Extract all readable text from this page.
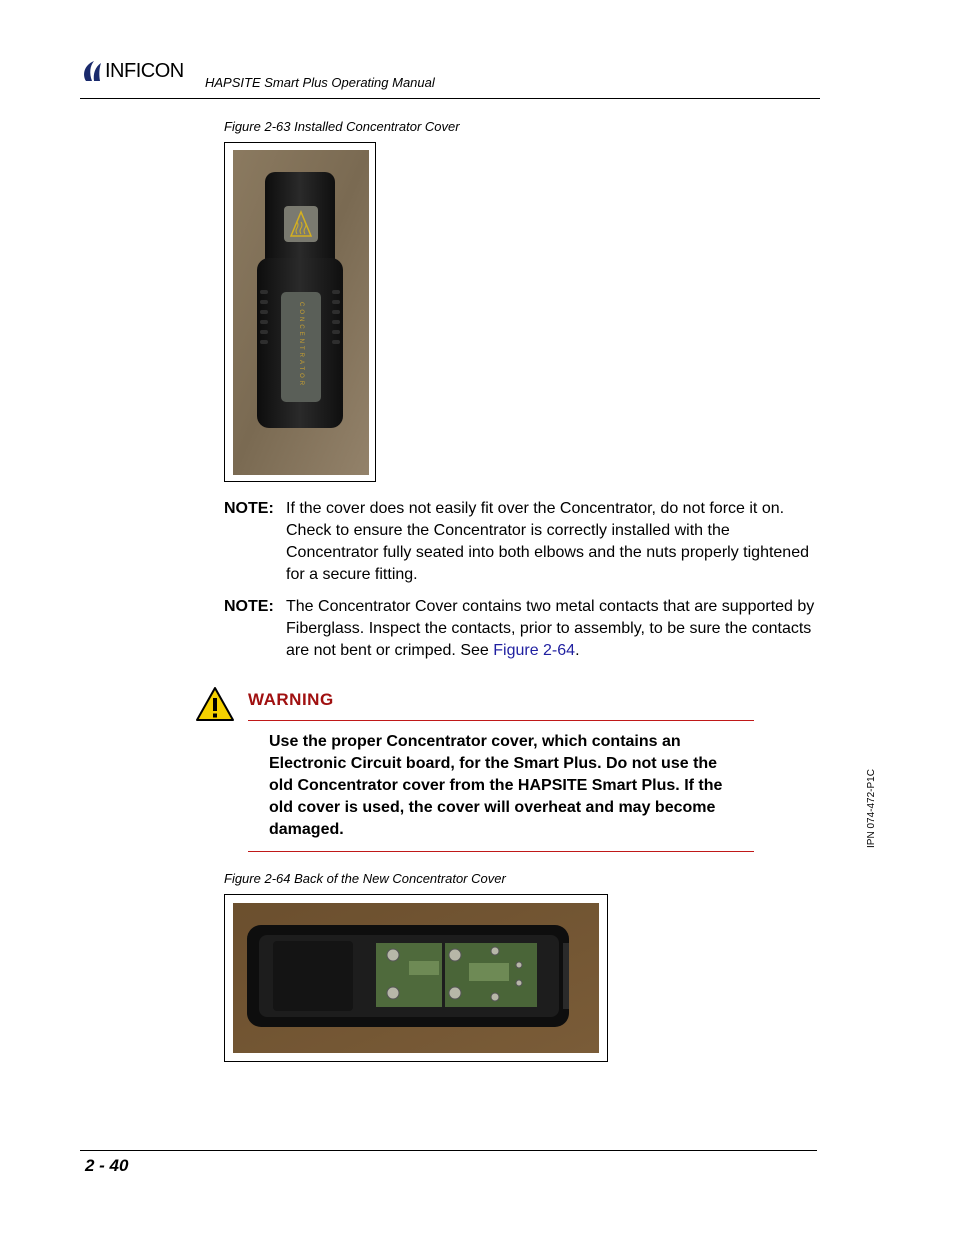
INFICON
HAPSITE Smart Plus Operating Manual
Figure 2-63 Installed Concentrator Cover
CONCENTRATOR
NOTE: If the cover does not easily fit over the Concentrator, do not force it on. Check to ensure the Concentrator is correctly installed with the Concentrator fully seated into both elbows and the nuts properly tightened for a secure fitting.
NOTE: The Concentrator Cover contains two metal contacts that are supported by Fiberglass. Inspect the contacts, prior to assembly, to be sure the contacts are not bent or crimped. See Figure 2-64.
WARNING
Use the proper Concentrator cover, which contains an Electronic Circuit board, for the Smart Plus. Do not use the old Concentrator cover from the HAPSITE Smart Plus. If the old cover is used, the cover will overheat and may become damaged.
Figure 2-64 Back of the New Concentrator Cover
IPN 074-472-P1C
2 - 40
